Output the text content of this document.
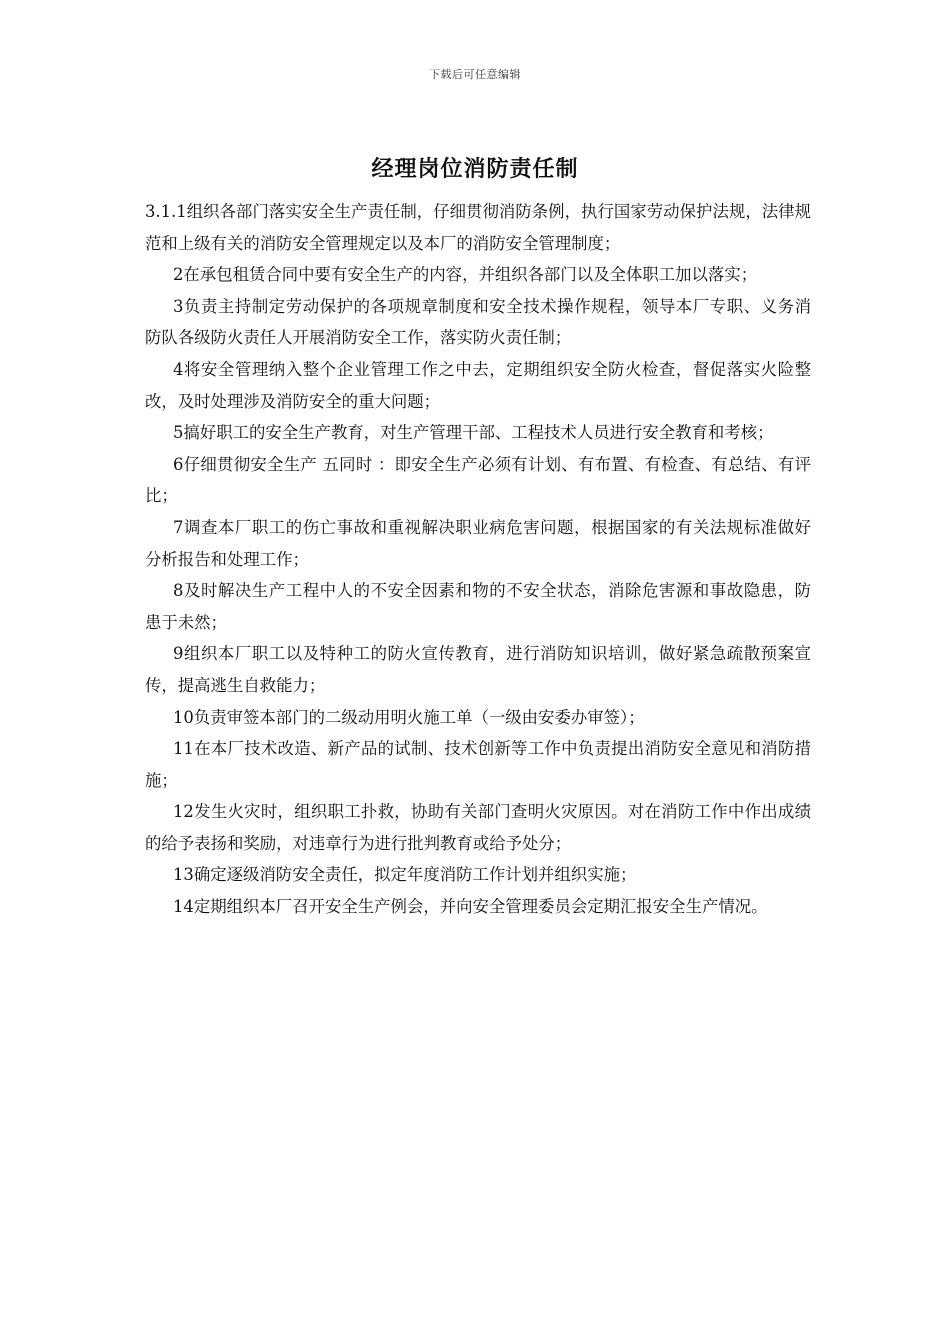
下载后可任意编辑
经理岗位消防责任制

3.1.1组织各部门落实安全生产责任制，仔细贯彻消防条例，执行国家劳动保护法规，法律规范和上级有关的消防安全管理规定以及本厂的消防安全管理制度；

2在承包租赁合同中要有安全生产的内容，并组织各部门以及全体职工加以落实；

3负责主持制定劳动保护的各项规章制度和安全技术操作规程，领导本厂专职、义务消 防队各级防火责任人开展消防安全工作，落实防火责任制；

4将安全管理纳入整个企业管理工作之中去，定期组织安全防火检查，督促落实火险整 改，及时处理涉及消防安全的重大问题；

5搞好职工的安全生产教育，对生产管理干部、工程技术人员进行安全教育和考核；

6仔细贯彻安全生产 五同时 ：即安全生产必须有计划、有布置、有检查、有总结、有评比；

7调查本厂职工的伤亡事故和重视解决职业病危害问题，根据国家的有关法规标准做好 分析报告和处理工作；

8及时解决生产工程中人的不安全因素和物的不安全状态，消除危害源和事故隐患，防 患于未然；

9组织本厂职工以及特种工的防火宣传教育，进行消防知识培训，做好紧急疏散预案宣 传，提高逃生自救能力；

10负责审签本部门的二级动用明火施工单（一级由安委办审签）；

11在本厂技术改造、新产品的试制、技术创新等工作中负责提出消防安全意见和消防措施；

12发生火灾时，组织职工扑救，协助有关部门查明火灾原因。对在消防工作中作出成绩 的给予表扬和奖励，对违章行为进行批判教育或给予处分；

13确定逐级消防安全责任，拟定年度消防工作计划并组织实施；

14定期组织本厂召开安全生产例会，并向安全管理委员会定期汇报安全生产情况。
